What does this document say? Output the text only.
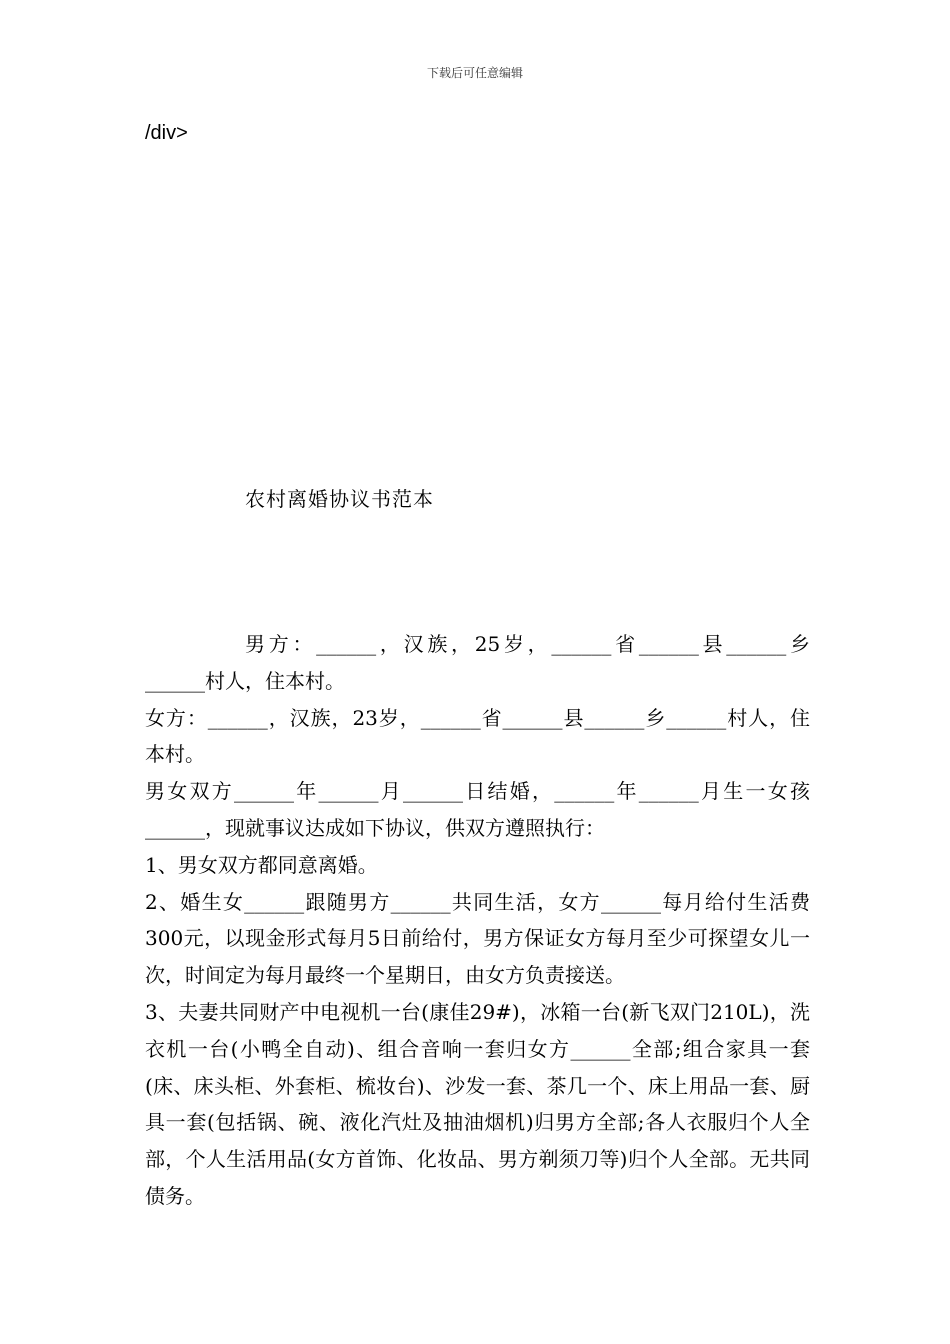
下载后可任意编辑
/div>
农村离婚协议书范本

男方：______，汉族，25岁，______省______县______乡______村人，住本村。

女方：______，汉族，23岁，______省______县______乡______村人，住本村。

男女双方______年______月______日结婚，______年______月生一女孩______，现就事议达成如下协议，供双方遵照执行：

1、男女双方都同意离婚。

2、婚生女______跟随男方______共同生活，女方______每月给付生活费300元，以现金形式每月5日前给付，男方保证女方每月至少可探望女儿一次，时间定为每月最终一个星期日，由女方负责接送。

3、夫妻共同财产中电视机一台(康佳29#)，冰箱一台(新飞双门210L)，洗衣机一台(小鸭全自动)、组合音响一套归女方______全部;组合家具一套(床、床头柜、外套柜、梳妆台)、沙发一套、茶几一个、床上用品一套、厨具一套(包括锅、碗、液化汽灶及抽油烟机)归男方全部;各人衣服归个人全部，个人生活用品(女方首饰、化妆品、男方剃须刀等)归个人全部。无共同债务。
